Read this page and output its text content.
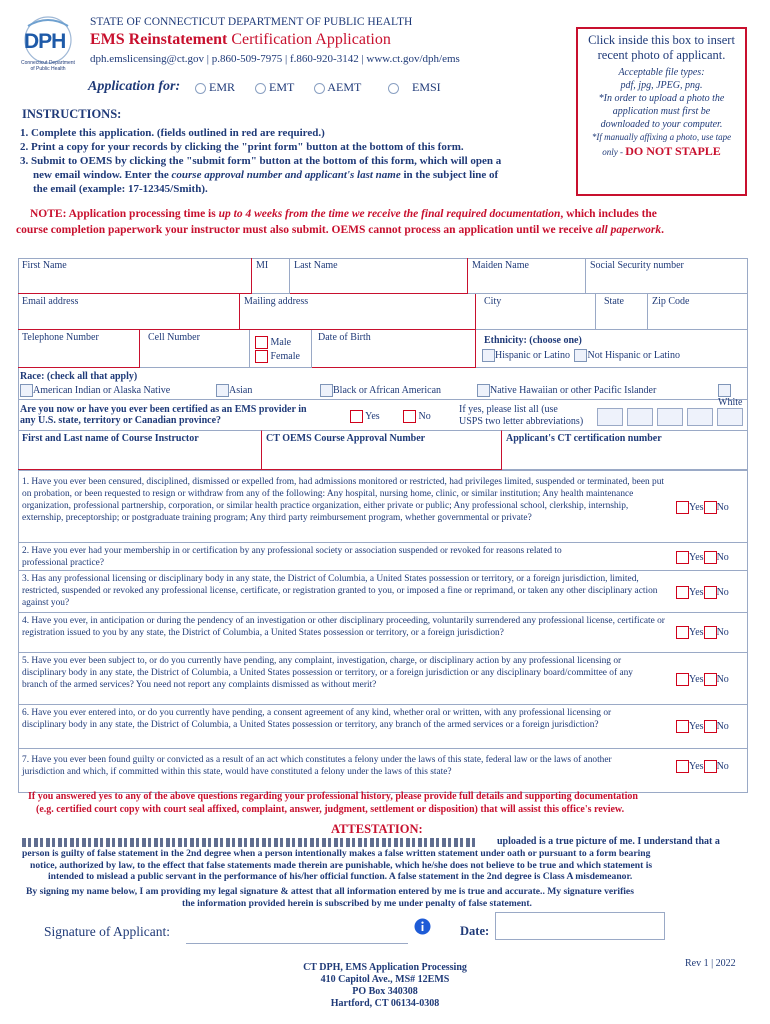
DPH
Connecticut Department of Public Health
STATE OF CONNECTICUT DEPARTMENT OF PUBLIC HEALTH
EMS Reinstatement Certification Application
dph.emslicensing@ct.gov | p.860-509-7975 | f.860-920-3142 | www.ct.gov/dph/ems
Click inside this box to insert
recent photo of applicant.
Acceptable file types:
pdf, jpg, JPEG, png.
*In order to upload a photo the
application must first be
downloaded to your computer.
*If manually affixing a photo, use tape
only - DO NOT STAPLE
Application for:	EMR	EMT	AEMT	EMSI
INSTRUCTIONS:
1. Complete this application. (fields outlined in red are required.)
2. Print a copy for your records by clicking the "print form" button at the bottom of this form.
3. Submit to OEMS by clicking the "submit form" button at the bottom of this form, which will open a
new email window. Enter the course approval number and applicant's last name in the subject line of
the email (example: 17-12345/Smith).
NOTE: Application processing time is up to 4 weeks from the time we receive the final required documentation, which includes the
course completion paperwork your instructor must also submit. OEMS cannot process an application until we receive all paperwork.
First Name	MI	Last Name	Maiden Name	Social Security number
Email address	Mailing address	City	State	Zip Code
Telephone Number	Cell Number	Male
Female
Date of Birth	Ethnicity: (choose one)
Hispanic or Latino Not Hispanic or Latino
Race: (check all that apply)
American Indian or Alaska Native	Asian	Black or African American	Native Hawaiian or other Pacific Islander
White
Are you now or have you ever been certified as an EMS provider in
any U.S. state, territory or Canadian province?	Yes	No
If yes, please list all (use
USPS two letter abbreviations)
First and Last name of Course Instructor	CT OEMS Course Approval Number	Applicant's CT certification number
1. Have you ever been censured, disciplined, dismissed or expelled from, had admissions monitored or restricted, had privileges limited, suspended or terminated, been put on probation, or been requested to resign or withdraw from any of the following: Any hospital, nursing home, clinic, or similar institution; Any health maintenance organization, professional partnership, corporation, or similar health practice organization, either private or public; Any professional school, clerkship, internship, externship, preceptorship; or postgraduate training program; Any third party reimbursement program, whether governmental or private?
Yes No
2. Have you ever had your membership in or certification by any professional society or association suspended or revoked for reasons related to professional practice?
Yes No
3. Has any professional licensing or disciplinary body in any state, the District of Columbia, a United States possession or territory, or a foreign jurisdiction, limited, restricted, suspended or revoked any professional license, certificate, or registration granted to you, or imposed a fine or reprimand, or taken any other disciplinary action against you?
Yes No
4. Have you ever, in anticipation or during the pendency of an investigation or other disciplinary proceeding, voluntarily surrendered any professional license, certificate or registration issued to you by any state, the District of Columbia, a United States possession or territory, or a foreign jurisdiction?	Yes No
5. Have you ever been subject to, or do you currently have pending, any complaint, investigation, charge, or disciplinary action by any professional licensing or disciplinary body in any state, the District of Columbia, a United States possession or territory, or a foreign jurisdiction or any disciplinary board/committee of any branch of the armed services? You need not report any complaints dismissed as without merit?
Yes No
6. Have you ever entered into, or do you currently have pending, a consent agreement of any kind, whether oral or written, with any professional licensing or disciplinary body in any state, the District of Columbia, a United States possession or territory, any branch of the armed services or a foreign jurisdiction?	Yes No
7. Have you ever been found guilty or convicted as a result of an act which constitutes a felony under the laws of this state, federal law or the laws of another jurisdiction and which, if committed within this state, would have constituted a felony under the laws of this state?
Yes No
If you answered yes to any of the above questions regarding your professional history, please provide full details and supporting documentation
(e.g. certified court copy with court seal affixed, complaint, answer, judgment, settlement or disposition) that will assist this office's review.
ATTESTATION:
uploaded is a true picture of me. I understand that a
person is guilty of false statement in the 2nd degree when a person intentionally makes a false written statement under oath or pursuant to a form bearing
notice, authorized by law, to the effect that false statements made therein are punishable, which he/she does not believe to be true and which statement is
intended to mislead a public servant in the performance of his/her official function. A false statement in the 2nd degree is Class A misdemeanor.
By signing my name below, I am providing my legal signature & attest that all information entered by me is true and accurate.. My signature verifies
the information provided herein is subscribed by me under penalty of false statement.
Signature of Applicant:	Date:
CT DPH, EMS Application Processing
410 Capitol Ave., MS# 12EMS
PO Box 340308
Hartford, CT 06134-0308
Rev 1 | 2022
